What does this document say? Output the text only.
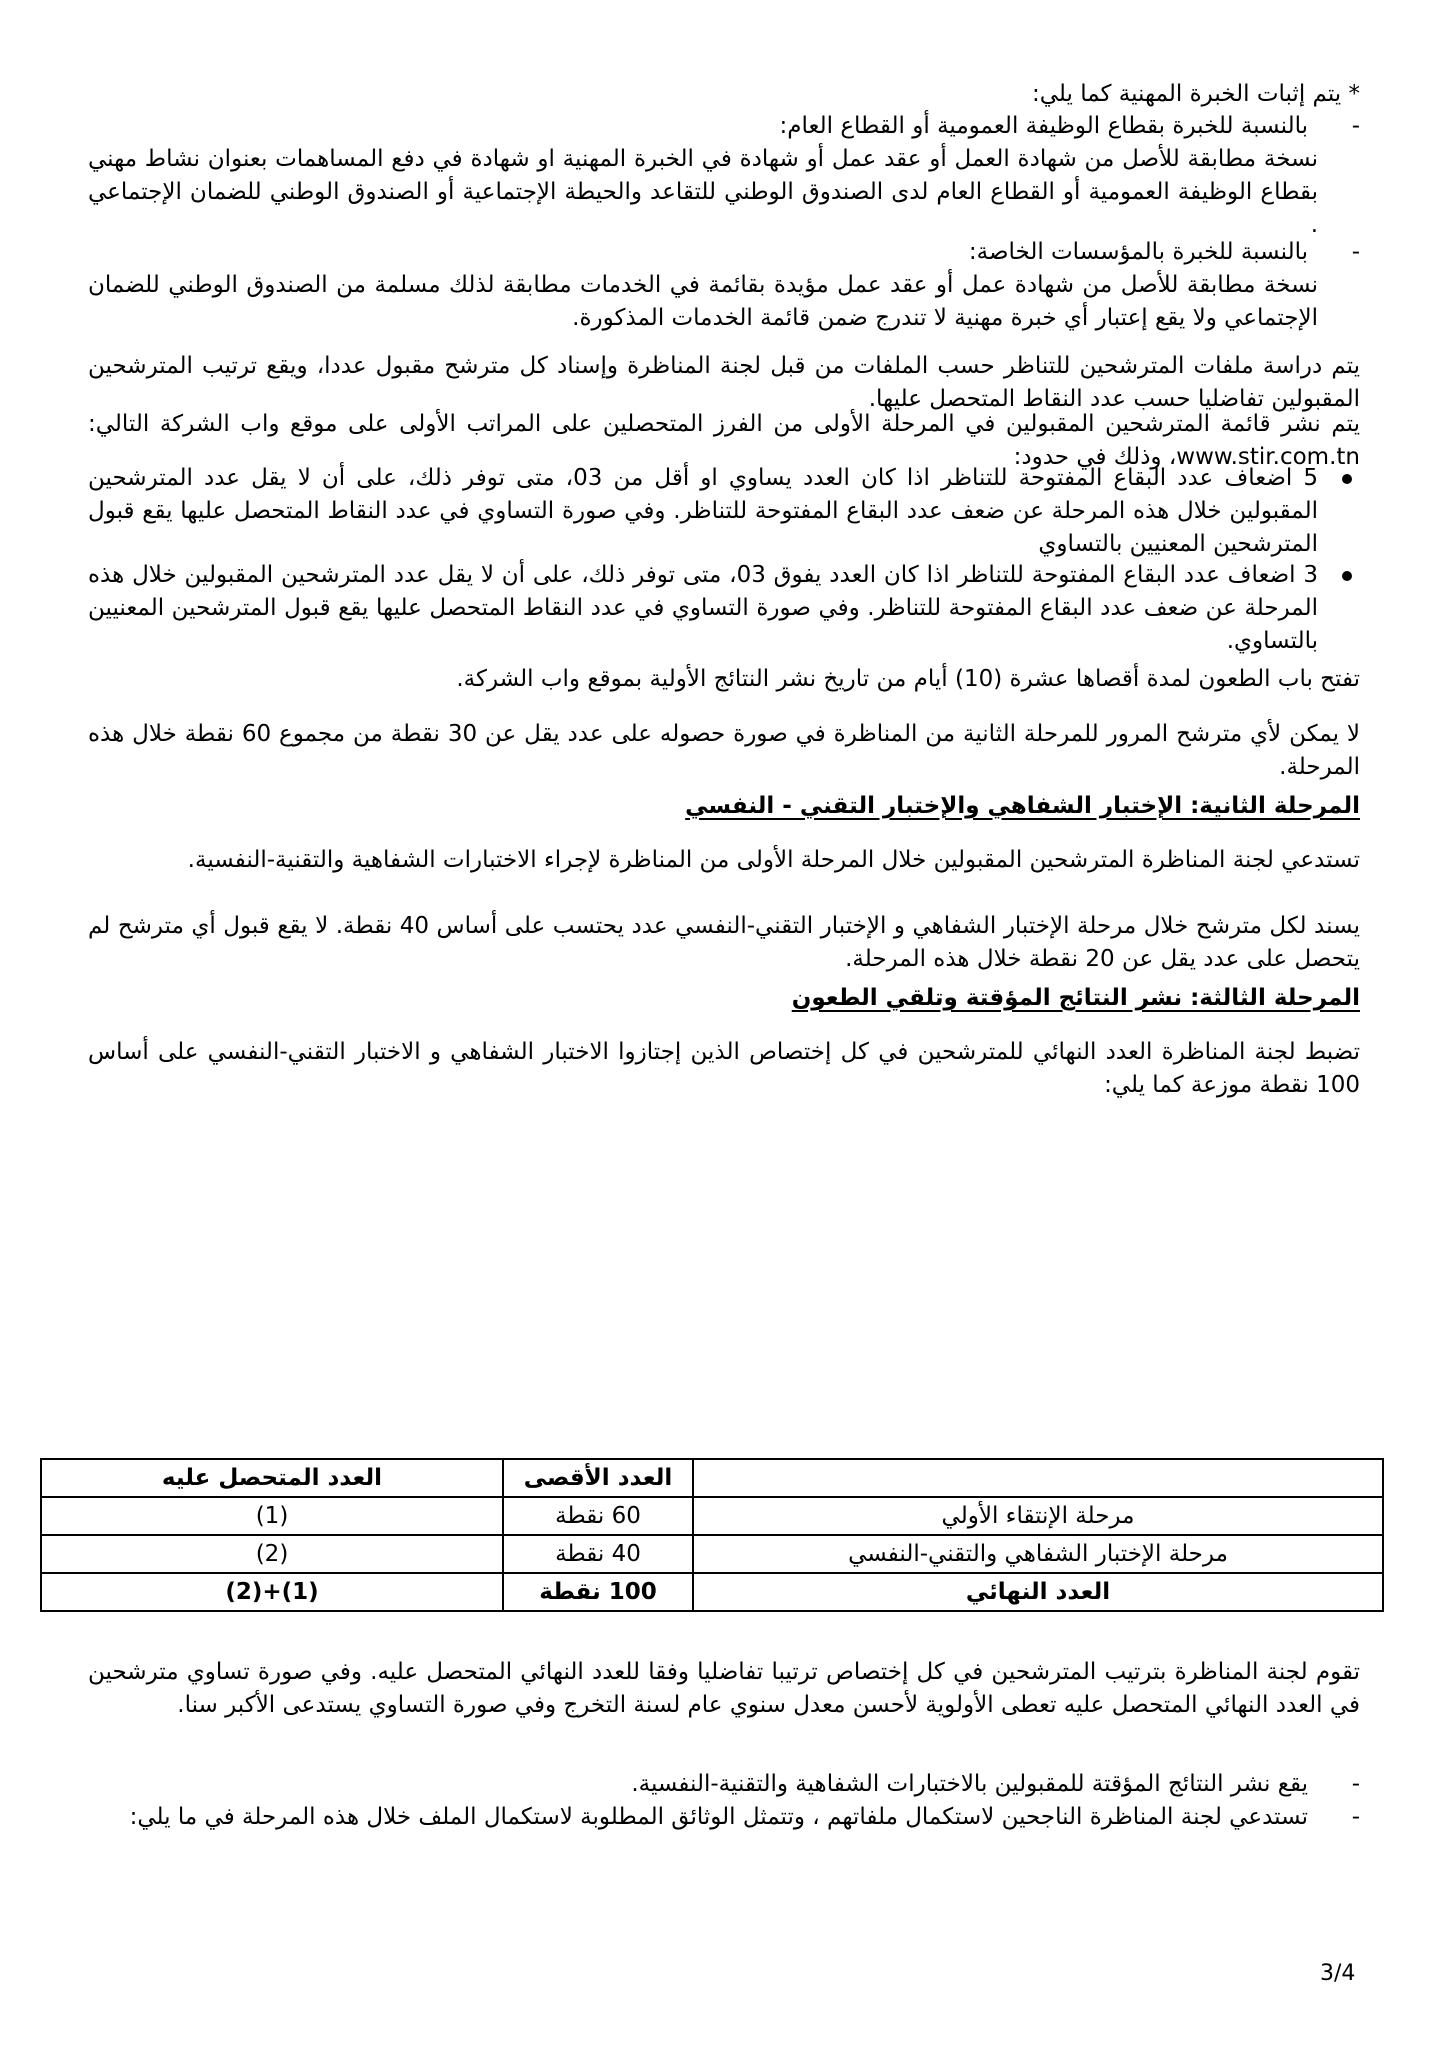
* يتم إثبات الخبرة المهنية كما يلي:

-

بالنسبة للخبرة بقطاع الوظيفة العمومية أو القطاع العام:

نسخة مطابقة للأصل من شهادة العمل أو عقد عمل أو شهادة في الخبرة المهنية او شهادة في دفع المساهمات بعنوان نشاط مهني بقطاع الوظيفة العمومية أو القطاع العام لدى الصندوق الوطني للتقاعد والحيطة الإجتماعية أو الصندوق الوطني للضمان الإجتماعي .

-

بالنسبة للخبرة بالمؤسسات الخاصة:

نسخة مطابقة للأصل من شهادة عمل أو عقد عمل مؤيدة بقائمة في الخدمات مطابقة لذلك مسلمة من الصندوق الوطني للضمان الإجتماعي ولا يقع إعتبار أي خبرة مهنية لا تندرج ضمن قائمة الخدمات المذكورة.

يتم دراسة ملفات المترشحين للتناظر حسب الملفات من قبل لجنة المناظرة وإسناد كل مترشح مقبول عددا، ويقع ترتيب المترشحين المقبولين تفاضليا حسب عدد النقاط المتحصل عليها.

يتم نشر قائمة المترشحين المقبولين في المرحلة الأولى من الفرز المتحصلين على المراتب الأولى على موقع واب الشركة التالي: www.stir.com.tn، وذلك في حدود:

5 اضعاف عدد البقاع المفتوحة للتناظر اذا كان العدد يساوي او أقل من 03، متى توفر ذلك، على أن لا يقل عدد المترشحين المقبولين خلال هذه المرحلة عن ضعف عدد البقاع المفتوحة للتناظر. وفي صورة التساوي في عدد النقاط المتحصل عليها يقع قبول المترشحين المعنيين بالتساوي

3 اضعاف عدد البقاع المفتوحة للتناظر اذا كان العدد يفوق 03، متى توفر ذلك، على أن لا يقل عدد المترشحين المقبولين خلال هذه المرحلة عن ضعف عدد البقاع المفتوحة للتناظر. وفي صورة التساوي في عدد النقاط المتحصل عليها يقع قبول المترشحين المعنيين بالتساوي.

تفتح باب الطعون لمدة أقصاها عشرة (10) أيام من تاريخ نشر النتائج الأولية بموقع واب الشركة.

لا يمكن لأي مترشح المرور للمرحلة الثانية من المناظرة في صورة حصوله على عدد يقل عن 30 نقطة من مجموع 60 نقطة خلال هذه المرحلة.

المرحلة الثانية: الإختبار الشفاهي والإختبار التقني - النفسي

تستدعي لجنة المناظرة المترشحين المقبولين خلال المرحلة الأولى من المناظرة لإجراء الاختبارات الشفاهية والتقنية-النفسية.

يسند لكل مترشح خلال مرحلة الإختبار الشفاهي و الإختبار التقني-النفسي عدد يحتسب على أساس 40 نقطة. لا يقع قبول أي مترشح لم يتحصل على عدد يقل عن 20 نقطة خلال هذه المرحلة.

المرحلة الثالثة: نشر النتائج المؤقتة وتلقي الطعون

تضبط لجنة المناظرة العدد النهائي للمترشحين في كل إختصاص الذين إجتازوا الاختبار الشفاهي و الاختبار التقني-النفسي على أساس 100 نقطة موزعة كما يلي:

	العدد الأقصى	العدد المتحصل عليه
مرحلة الإنتقاء الأولي	60 نقطة	(1)
مرحلة الإختبار الشفاهي والتقني-النفسي	40 نقطة	(2)
العدد النهائي	100 نقطة	(1)+(2)

تقوم لجنة المناظرة بترتيب المترشحين في كل إختصاص ترتيبا تفاضليا وفقا للعدد النهائي المتحصل عليه. وفي صورة تساوي مترشحين في العدد النهائي المتحصل عليه تعطى الأولوية لأحسن معدل سنوي عام لسنة التخرج وفي صورة التساوي يستدعى الأكبر سنا.

-

يقع نشر النتائج المؤقتة للمقبولين بالاختبارات الشفاهية والتقنية-النفسية.

-

تستدعي لجنة المناظرة الناجحين لاستكمال ملفاتهم ، وتتمثل الوثائق المطلوبة لاستكمال الملف خلال هذه المرحلة في ما يلي:

3/4
